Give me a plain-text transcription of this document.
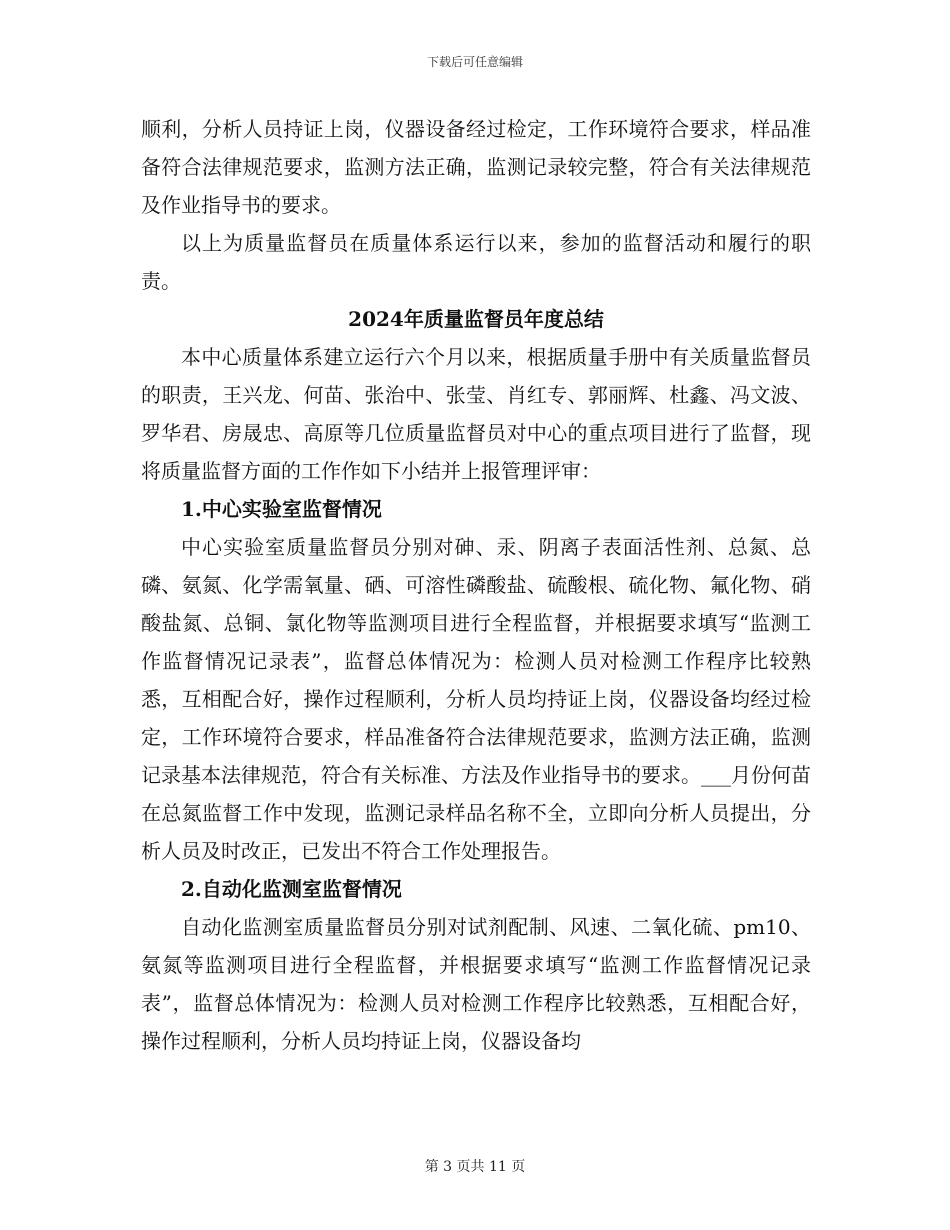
下载后可任意编辑

顺利，分析人员持证上岗，仪器设备经过检定，工作环境符合要求，样品准备符合法律规范要求，监测方法正确，监测记录较完整，符合有关法律规范及作业指导书的要求。

以上为质量监督员在质量体系运行以来，参加的监督活动和履行的职责。

2024年质量监督员年度总结

本中心质量体系建立运行六个月以来，根据质量手册中有关质量监督员的职责，王兴龙、何苗、张治中、张莹、肖红专、郭丽辉、杜鑫、冯文波、罗华君、房晟忠、高原等几位质量监督员对中心的重点项目进行了监督，现将质量监督方面的工作作如下小结并上报管理评审：

1.中心实验室监督情况

中心实验室质量监督员分别对砷、汞、阴离子表面活性剂、总氮、总磷、氨氮、化学需氧量、硒、可溶性磷酸盐、硫酸根、硫化物、氟化物、硝酸盐氮、总铜、氯化物等监测项目进行全程监督，并根据要求填写“监测工作监督情况记录表”，监督总体情况为：检测人员对检测工作程序比较熟悉，互相配合好，操作过程顺利，分析人员均持证上岗，仪器设备均经过检定，工作环境符合要求，样品准备符合法律规范要求，监测方法正确，监测记录基本法律规范，符合有关标准、方法及作业指导书的要求。___月份何苗在总氮监督工作中发现，监测记录样品名称不全，立即向分析人员提出，分析人员及时改正，已发出不符合工作处理报告。

2.自动化监测室监督情况

自动化监测室质量监督员分别对试剂配制、风速、二氧化硫、pm10、氨氮等监测项目进行全程监督，并根据要求填写“监测工作监督情况记录表”，监督总体情况为：检测人员对检测工作程序比较熟悉，互相配合好，操作过程顺利，分析人员均持证上岗，仪器设备均

第 3 页共 11 页
